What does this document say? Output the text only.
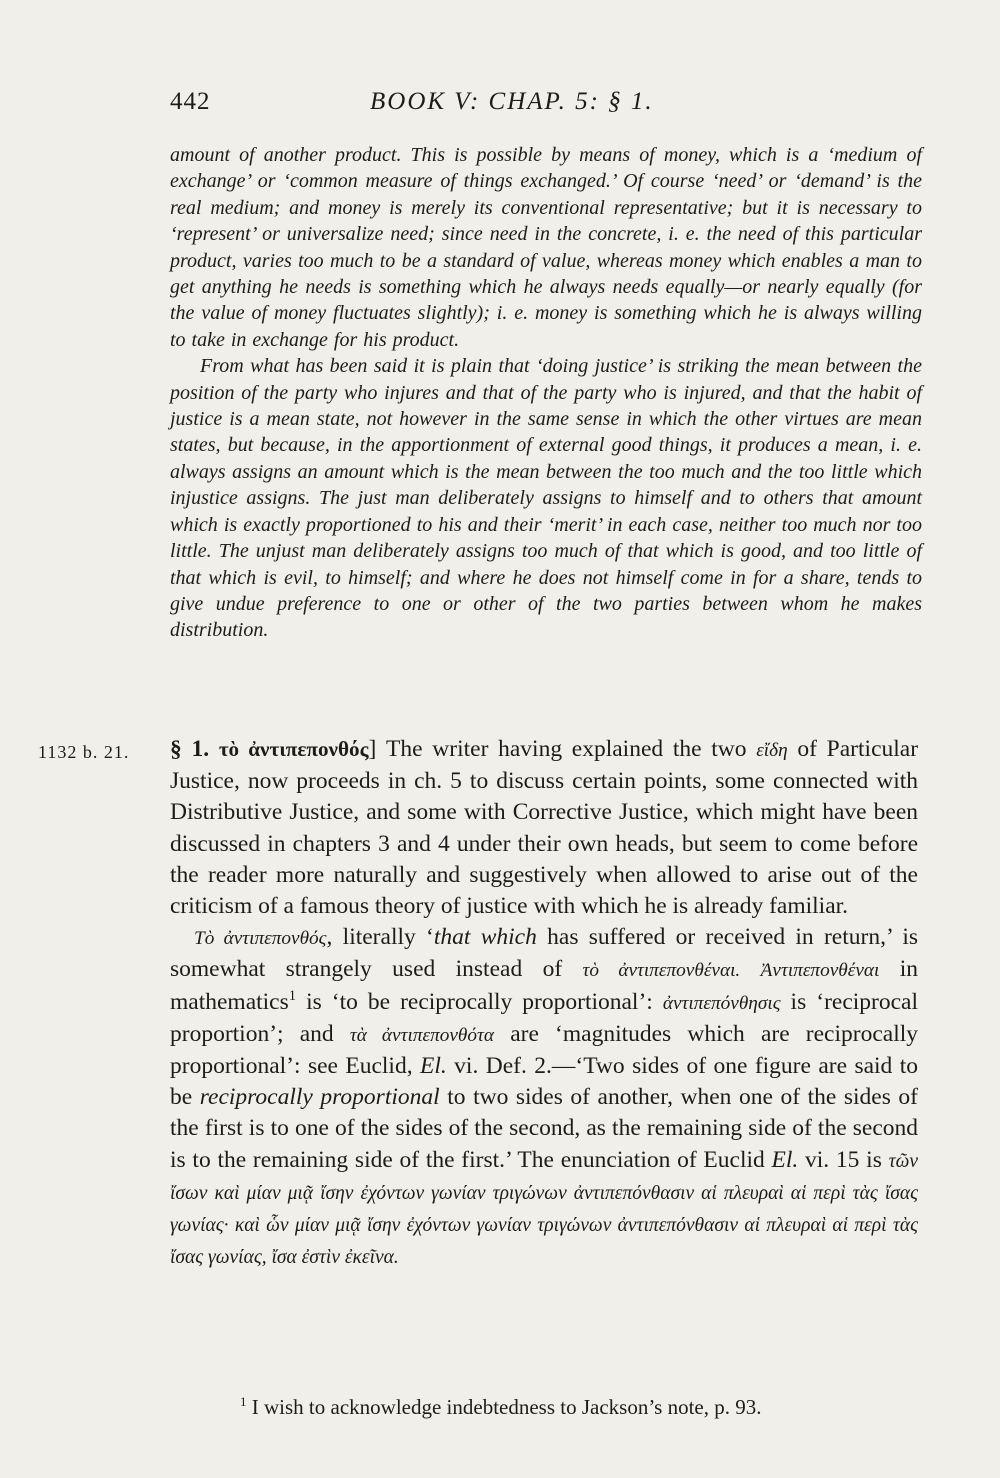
442	BOOK V: CHAP. 5: § 1.

amount of another product. This is possible by means of money, which is a ‘medium of exchange’ or ‘common measure of things exchanged.’ Of course ‘need’ or ‘demand’ is the real medium; and money is merely its conventional representative; but it is necessary to ‘represent’ or universalize need; since need in the concrete, i. e. the need of this particular product, varies too much to be a standard of value, whereas money which enables a man to get anything he needs is something which he always needs equally—or nearly equally (for the value of money fluctuates slightly); i. e. money is something which he is always willing to take in exchange for his product.

From what has been said it is plain that ‘doing justice’ is striking the mean between the position of the party who injures and that of the party who is injured, and that the habit of justice is a mean state, not however in the same sense in which the other virtues are mean states, but because, in the apportionment of external good things, it produces a mean, i. e. always assigns an amount which is the mean between the too much and the too little which injustice assigns. The just man deliberately assigns to himself and to others that amount which is exactly proportioned to his and their ‘merit’ in each case, neither too much nor too little. The unjust man deliberately assigns too much of that which is good, and too little of that which is evil, to himself; and where he does not himself come in for a share, tends to give undue preference to one or other of the two parties between whom he makes distribution.

1132 b. 21. § 1. τὸ ἀντιπεπονθός] The writer having explained the two εἴδη of Particular Justice, now proceeds in ch. 5 to discuss certain points, some connected with Distributive Justice, and some with Corrective Justice, which might have been discussed in chapters 3 and 4 under their own heads, but seem to come before the reader more naturally and suggestively when allowed to arise out of the criticism of a famous theory of justice with which he is already familiar.

Τὸ ἀντιπεπονθός, literally ‘that which has suffered or received in return,’ is somewhat strangely used instead of τὸ ἀντιπεπονθέναι. Ἀντιπεπονθέναι in mathematics$^1$ is ‘to be reciprocally proportional’: ἀντιπεπόνθησις is ‘reciprocal proportion’; and τὰ ἀντιπεπονθότα are ‘magnitudes which are reciprocally proportional’: see Euclid, El. vi. Def. 2.—‘Two sides of one figure are said to be reciprocally proportional to two sides of another, when one of the sides of the first is to one of the sides of the second, as the remaining side of the second is to the remaining side of the first.’ The enunciation of Euclid El. vi. 15 is τῶν ἴσων καὶ μίαν μιᾷ ἴσην ἐχόντων γωνίαν τριγώνων ἀντιπεπόνθασιν αἱ πλευραὶ αἱ περὶ τὰς ἴσας γωνίας· καὶ ὧν μίαν μιᾷ ἴσην ἐχόντων γωνίαν τριγώνων ἀντιπεπόνθασιν αἱ πλευραὶ αἱ περὶ τὰς ἴσας γωνίας, ἴσα ἐστὶν ἐκεῖνα.

$^1$ I wish to acknowledge indebtedness to Jackson’s note, p. 93.
